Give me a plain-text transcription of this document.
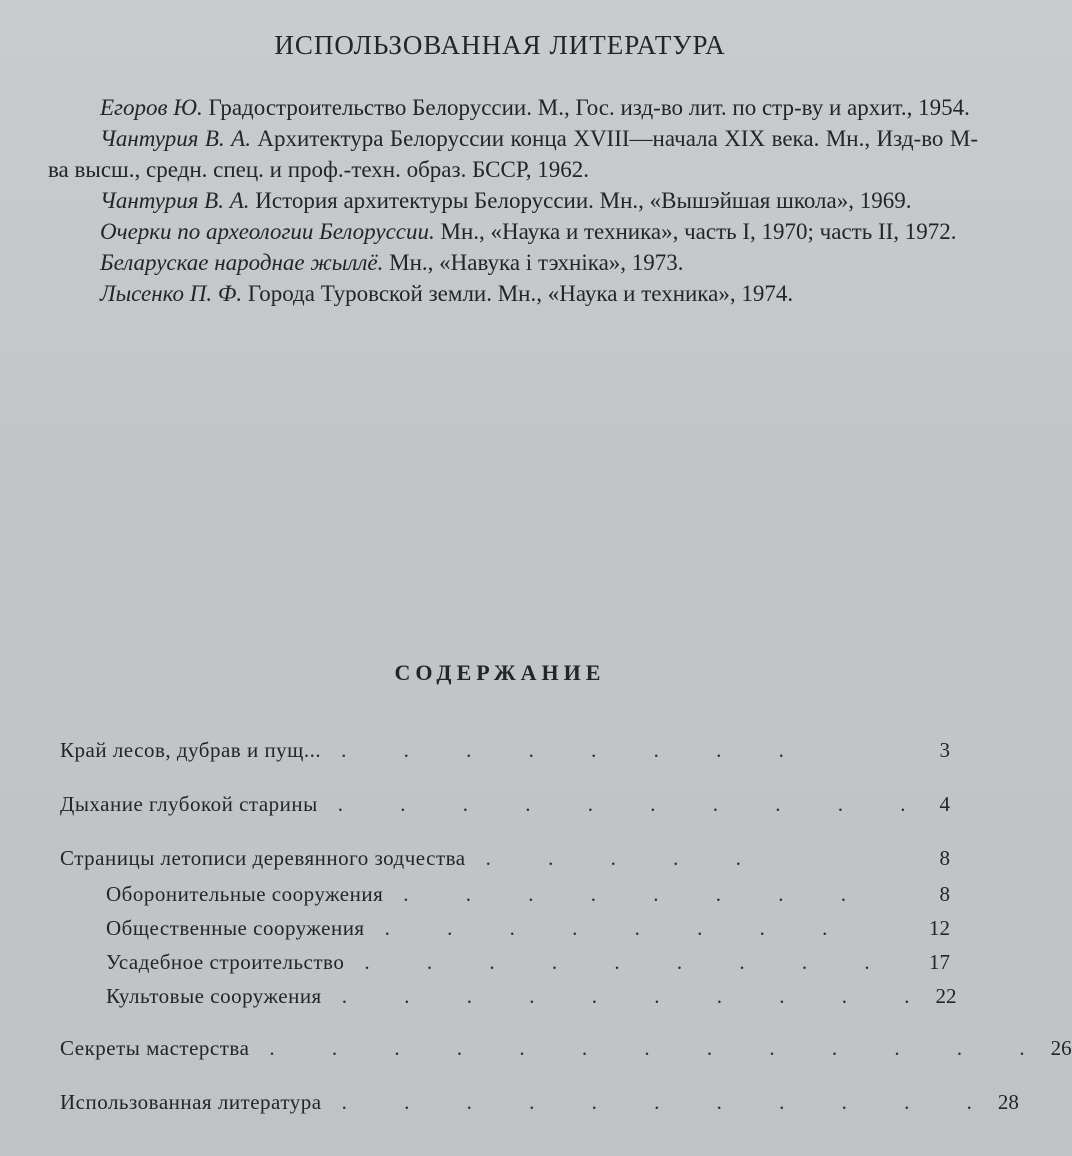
ИСПОЛЬЗОВАННАЯ ЛИТЕРАТУРА
Егоров Ю. Градостроительство Белоруссии. М., Гос. изд-во лит. по стр-ву и архит., 1954.
Чантурия В. А. Архитектура Белоруссии конца XVIII—начала XIX века. Мн., Изд-во М-ва высш., средн. спец. и проф.-техн. образ. БССР, 1962.
Чантурия В. А. История архитектуры Белоруссии. Мн., «Вышэйшая школа», 1969.
Очерки по археологии Белоруссии. Мн., «Наука и техника», часть I, 1970; часть II, 1972.
Беларускае народнае жыллё. Мн., «Навука і тэхніка», 1973.
Лысенко П. Ф. Города Туровской земли. Мн., «Наука и техника», 1974.
СОДЕРЖАНИЕ
Край лесов, дубрав и пущ... . . . . . . . .	3
Дыхание глубокой старины . . . . . . . . . . 4
Страницы летописи деревянного зодчества . . . . .	8
Оборонительные сооружения . . . . . . . .	8
Общественные сооружения . . . . . . . .	12
Усадебное строительство . . . . . . . . .	17
Культовые сооружения . . . . . . . . . . 22
Секреты мастерства . . . . . . . . . . . . . 26
Использованная литература . . . . . . . . . . . 28
